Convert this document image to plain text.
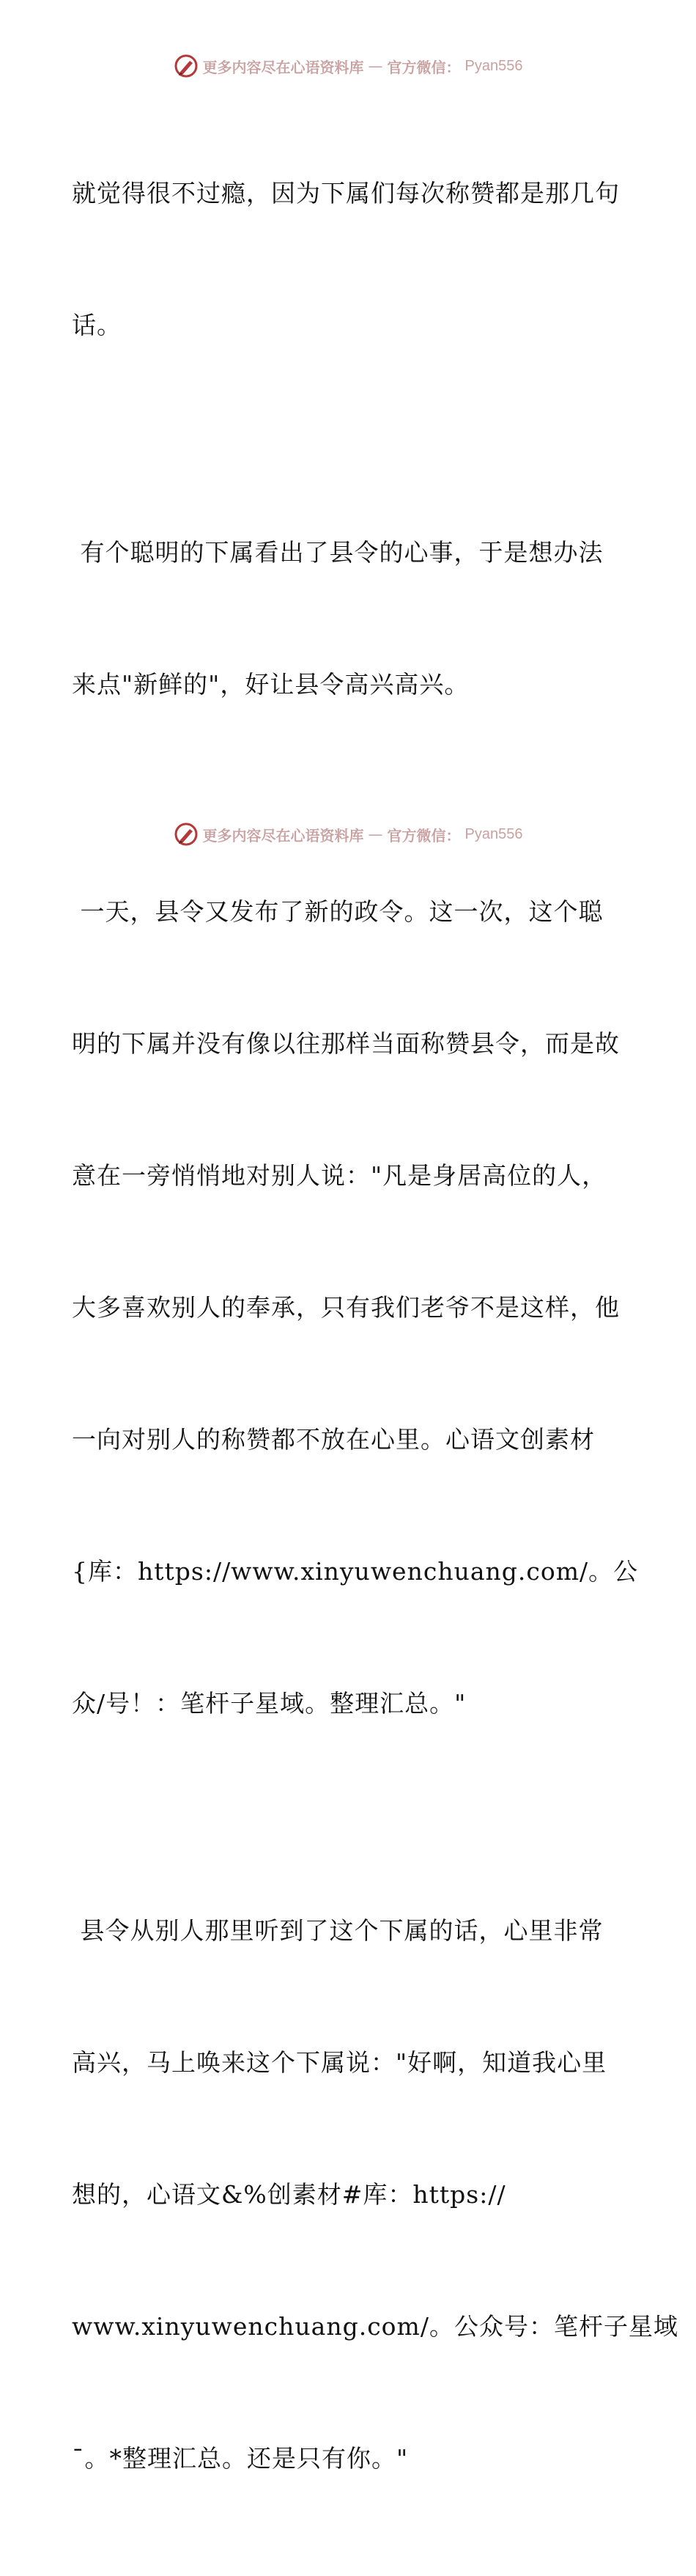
更多内容尽在心语资料库 — 官方微信： Pyan556

就觉得很不过瘾，因为下属们每次称赞都是那几句

话。

有个聪明的下属看出了县令的心事，于是想办法

来点"新鲜的"，好让县令高兴高兴。

一天，县令又发布了新的政令。这一次，这个聪

明的下属并没有像以往那样当面称赞县令，而是故

意在一旁悄悄地对别人说："凡是身居高位的人，

大多喜欢别人的奉承，只有我们老爷不是这样，他

一向对别人的称赞都不放在心里。心语文创素材

{库：https://www.xinyuwenchuang.com/。公

众/号！：笔杆子星域。整理汇总。"

县令从别人那里听到了这个下属的话，心里非常

高兴，马上唤来这个下属说："好啊，知道我心里

想的，心语文&%创素材#库：https://

www.xinyuwenchuang.com/。公众号：笔杆子星域

¯。*整理汇总。还是只有你。"

更多内容尽在心语资料库 — 官方微信： Pyan556
